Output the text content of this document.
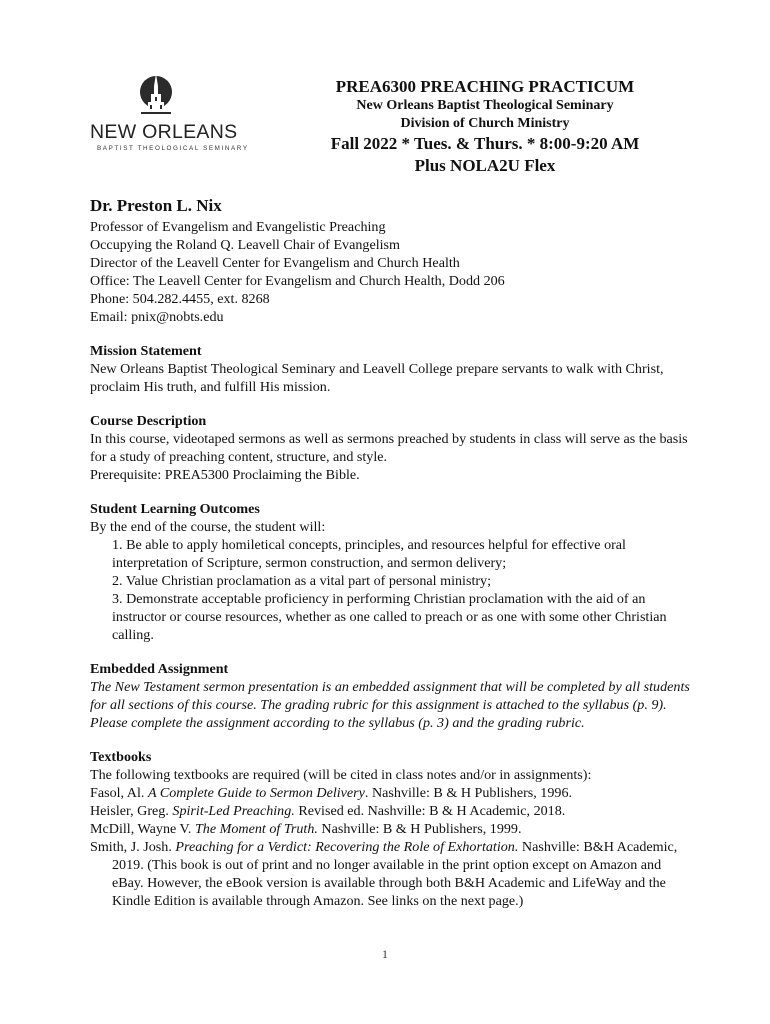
NEW ORLEANS
BAPTIST THEOLOGICAL SEMINARY
PREA6300 PREACHING PRACTICUM
New Orleans Baptist Theological Seminary
Division of Church Ministry
Fall 2022 * Tues. & Thurs. * 8:00-9:20 AM
Plus NOLA2U Flex
Dr. Preston L. Nix
Professor of Evangelism and Evangelistic Preaching
Occupying the Roland Q. Leavell Chair of Evangelism
Director of the Leavell Center for Evangelism and Church Health
Office: The Leavell Center for Evangelism and Church Health, Dodd 206
Phone: 504.282.4455, ext. 8268
Email: pnix@nobts.edu
Mission Statement

New Orleans Baptist Theological Seminary and Leavell College prepare servants to walk with Christ, proclaim His truth, and fulfill His mission.

Course Description

In this course, videotaped sermons as well as sermons preached by students in class will serve as the basis for a study of preaching content, structure, and style.

Prerequisite: PREA5300 Proclaiming the Bible.

Student Learning Outcomes

By the end of the course, the student will:

1. Be able to apply homiletical concepts, principles, and resources helpful for effective oral interpretation of Scripture, sermon construction, and sermon delivery;

2. Value Christian proclamation as a vital part of personal ministry;

3. Demonstrate acceptable proficiency in performing Christian proclamation with the aid of an instructor or course resources, whether as one called to preach or as one with some other Christian calling.

Embedded Assignment

The New Testament sermon presentation is an embedded assignment that will be completed by all students for all sections of this course. The grading rubric for this assignment is attached to the syllabus (p. 9). Please complete the assignment according to the syllabus (p. 3) and the grading rubric.

Textbooks

The following textbooks are required (will be cited in class notes and/or in assignments):

Fasol, Al. A Complete Guide to Sermon Delivery. Nashville: B & H Publishers, 1996.

Heisler, Greg. Spirit-Led Preaching. Revised ed. Nashville: B & H Academic, 2018.

McDill, Wayne V. The Moment of Truth. Nashville: B & H Publishers, 1999.

Smith, J. Josh. Preaching for a Verdict: Recovering the Role of Exhortation. Nashville: B&H Academic, 2019. (This book is out of print and no longer available in the print option except on Amazon and eBay. However, the eBook version is available through both B&H Academic and LifeWay and the Kindle Edition is available through Amazon. See links on the next page.)

1
